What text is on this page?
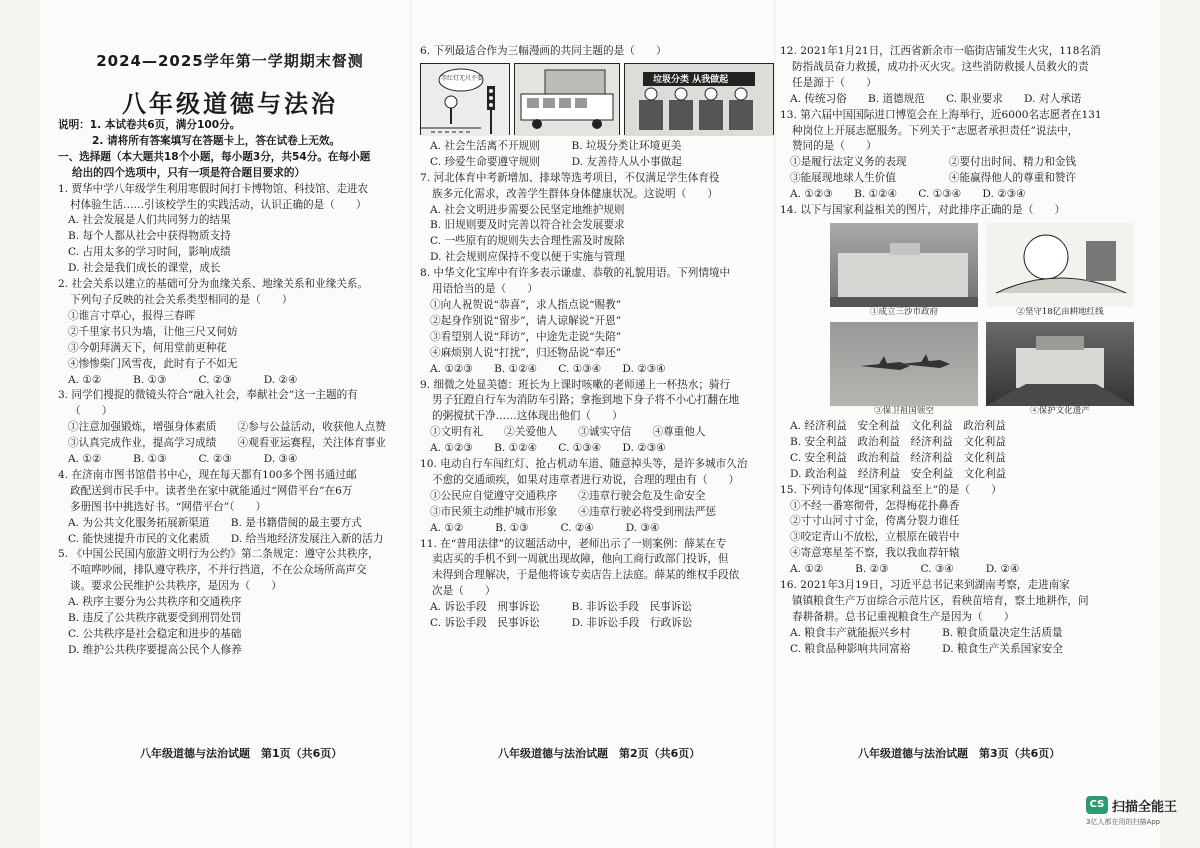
2024—2025学年第一学期期末督测
八年级道德与法治

说明：1. 本试卷共6页，满分100分。

2. 请将所有答案填写在答题卡上，答在试卷上无效。

一、选择题（本大题共18个小题，每小题3分，共54分。在每小题

给出的四个选项中，只有一项是符合题目要求的）

1. 贾华中学八年级学生利用寒假时间打卡博物馆、科技馆、走进农

村体验生活……引该校学生的实践活动，认识正确的是（　　）

A. 社会发展是人们共同努力的结果

B. 每个人都从社会中获得物质支持

C. 占用太多的学习时间，影响成绩

D. 社会是我们成长的课堂，成长

2. 社会关系以建立的基础可分为血缘关系、地缘关系和业缘关系。

下列句子反映的社会关系类型相同的是（　　）

①谁言寸草心，报得三春晖

②千里家书只为墙，让他三尺又何妨

③今朝拜满天下，何用堂前更种花

④惨惨柴门风雪夜，此时有子不如无

A. ①②　　　B. ①③　　　C. ②③　　　D. ②④

3. 同学们搜捉的微镜头符合“融入社会，奉献社会”这一主题的有

（　　）

①注意加强锻炼，增强身体素质　　②参与公益活动，收获他人点赞

③认真完成作业，提高学习成绩　　④观看亚运赛程，关注体育事业

A. ①②　　　B. ①③　　　C. ②③　　　D. ③④

4. 在济南市图书馆借书中心，现在每天都有100多个图书通过邮

政配送到市民手中。读者坐在家中就能通过“网借平台”在6万

多册图书中挑选好书。“网借平台”（　　）

A. 为公共文化服务拓展新渠道　　B. 是书籍借阅的最主要方式

C. 能快速提升市民的文化素质　　D. 给当地经济发展注入新的活力

5. 《中国公民国内旅游文明行为公约》第二条规定：遵守公共秩序，

不喧哗吵闹，排队遵守秩序，不并行挡道，不在公众场所高声交

谈。要求公民维护公共秩序，是因为（　　）

A. 秩序主要分为公共秩序和交通秩序

B. 违反了公共秩序就要受到刑罚处罚

C. 公共秩序是社会稳定和进步的基础

D. 维护公共秩序要提高公民个人修养

6. 下列最适合作为三幅漫画的共同主题的是（　　）

等红灯无尺不要	垃圾分类 从我做起

A. 社会生活离不开规则　　　B. 垃圾分类让环境更美

C. 珍爱生命要遵守规则　　　D. 友善待人从小事做起

7. 河北体育中考新增加、排球等选考项目，不仅满足学生体育役

族多元化需求，改善学生群体身体健康状况。这说明（　　）

A. 社会文明进步需要公民坚定地维护规则

B. 旧规则要及时完善以符合社会发展要求

C. 一些原有的规则失去合理性需及时废除

D. 社会规则应保持不变以便于实施与管理

8. 中华文化宝库中有许多表示谦虚、恭敬的礼貌用语。下列情境中

用语恰当的是（　　）

①向人祝贺说“恭喜”，求人指点说“赐教”

②起身作别说“留步”，请人谅解说“开恩”

③看望别人说“拜访”，中途先走说“失陪”

④麻烦别人说“打扰”，归还物品说“奉还”

A. ①②③　　B. ①②④　　C. ①③④　　D. ②③④

9. 细微之处显美德：班长为上课时咳嗽的老师递上一杯热水；骑行

男子狂蹬自行车为消防车引路；拿拖到地下身子将不小心打翻在地

的粥搅拭干净……这体现出他们（　　）

①文明有礼　　②关爱他人　　③诚实守信　　④尊重他人

A. ①②③　　B. ①②④　　C. ①③④　　D. ②③④

10. 电动自行车闯红灯、抢占机动车道、随意掉头等，是许多城市久治

不愈的交通顽疾，如果对违章者进行劝说，合理的理由有（　　）

①公民应自觉遵守交通秩序　　②违章行驶会危及生命安全

③市民须主动维护城市形象　　④违章行驶必将受到刑法严惩

A. ①②　　　B. ①③　　　C. ②④　　　D. ③④

11. 在“普用法律”的议题活动中，老师出示了一则案例：薛某在专

卖店买的手机不到一周就出现故障，他向工商行政部门投诉，但

未得到合理解决，于是他将该专卖店告上法庭。薛某的维权手段依

次是（　　）

A. 诉讼手段　刑事诉讼　　　B. 非诉讼手段　民事诉讼

C. 诉讼手段　民事诉讼　　　D. 非诉讼手段　行政诉讼

12. 2021年1月21日，江西省新余市一临街店铺发生火灾，118名消

防指战员奋力救援，成功扑灭火灾。这些消防救援人员救火的责

任是源于（　　）

A. 传统习俗　　B. 道德规范　　C. 职业要求　　D. 对人承诺

13. 第六届中国国际进口博览会在上海举行，近6000名志愿者在131

种岗位上开展志愿服务。下列关于“志愿者承担责任”说法中，

赞同的是（　　）

①是履行法定义务的表现　　　　②要付出时间、精力和金钱

③能展现地球人生价值　　　　　④能赢得他人的尊重和赞许

A. ①②③　　B. ①②④　　C. ①③④　　D. ②③④

14. 以下与国家利益相关的图片，对此排序正确的是（　　）

①成立三沙市政府	②坚守18亿亩耕地红线
③保卫祖国领空	④保护文化遗产

A. 经济利益　安全利益　文化利益　政治利益

B. 安全利益　政治利益　经济利益　文化利益

C. 安全利益　政治利益　经济利益　文化利益

D. 政治利益　经济利益　安全利益　文化利益

15. 下列诗句体现“国家利益至上”的是（　　）

①不经一番寒彻骨，怎得梅花扑鼻香

②寸寸山河寸寸金，侉离分裂力谁任

③咬定青山不放松，立根原在破岩中

④寄意寒星荃不察，我以我血荐轩辕

A. ①②　　　B. ②③　　　C. ③④　　　D. ②④

16. 2021年3月19日，习近平总书记来到湖南考察，走进南家

镇镇粮食生产万亩综合示范片区，看秧苗培育，察土地耕作，问

春耕备耕。总书记重视粮食生产是因为（　　）

A. 粮食丰产就能振兴乡村　　　B. 粮食质量决定生活质量

C. 粮食品种影响共同富裕　　　D. 粮食生产关系国家安全

八年级道德与法治试题　第1页（共6页）	八年级道德与法治试题　第2页（共6页）	八年级道德与法治试题　第3页（共6页）
CS 扫描全能王
3亿人都在用的扫描App
